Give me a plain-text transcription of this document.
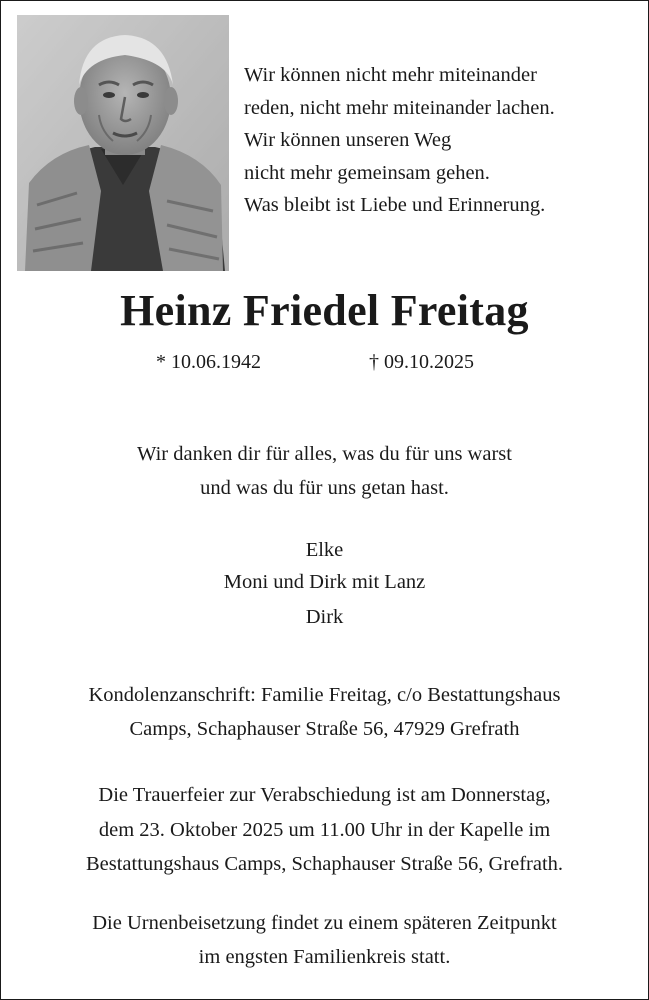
Wir können nicht mehr miteinander
reden, nicht mehr miteinander lachen.
Wir können unseren Weg
nicht mehr gemeinsam gehen.
Was bleibt ist Liebe und Erinnerung.
Heinz Friedel Freitag
* 10.06.1942	† 09.10.2025
Wir danken dir für alles, was du für uns warst
und was du für uns getan hast.
Elke
Moni und Dirk mit Lanz
Dirk
Kondolenzanschrift: Familie Freitag, c/o Bestattungshaus
Camps, Schaphauser Straße 56, 47929 Grefrath
Die Trauerfeier zur Verabschiedung ist am Donnerstag,
dem 23. Oktober 2025 um 11.00 Uhr in der Kapelle im
Bestattungshaus Camps, Schaphauser Straße 56, Grefrath.
Die Urnenbeisetzung findet zu einem späteren Zeitpunkt
im engsten Familienkreis statt.
